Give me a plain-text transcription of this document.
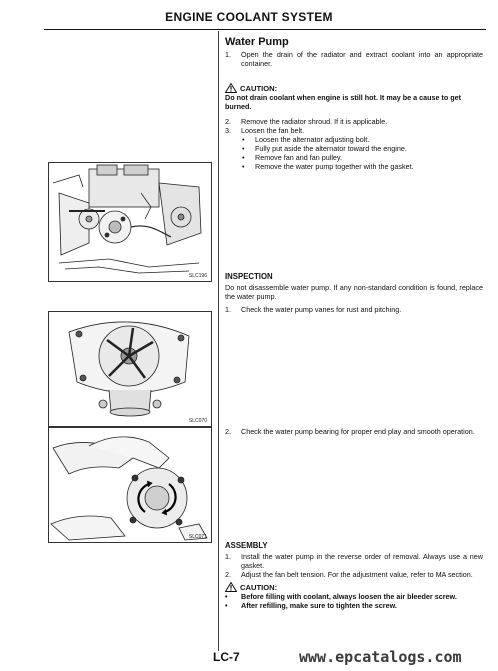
ENGINE COOLANT SYSTEM
SLC196
SLC070
SLC071
Water Pump
1.	Open the drain of the radiator and extract coolant into an appropriate container.
CAUTION:
Do not drain coolant when engine is still hot. It may be a cause to get burned.
2.	Remove the radiator shroud. If it is applicable.
3.	Loosen the fan belt.
•	Loosen the alternator adjusting bolt.
•	Fully put aside the alternator toward the engine.
•	Remove fan and fan pulley.
•	Remove the water pump together with the gasket.
INSPECTION
Do not disassemble water pump. If any non-standard condition is found, replace the water pump.
1.	Check the water pump vanes for rust and pitching.
2.	Check the water pump bearing for proper end play and smooth operation.
ASSEMBLY
1.	Install the water pump in the reverse order of removal. Always use a new gasket.
2.	Adjust the fan belt tension. For the adjustment value, refer to MA section.
CAUTION:
•	Before filling with coolant, always loosen the air bleeder screw.
•	After refilling, make sure to tighten the screw.
LC-7	www.epcatalogs.com
